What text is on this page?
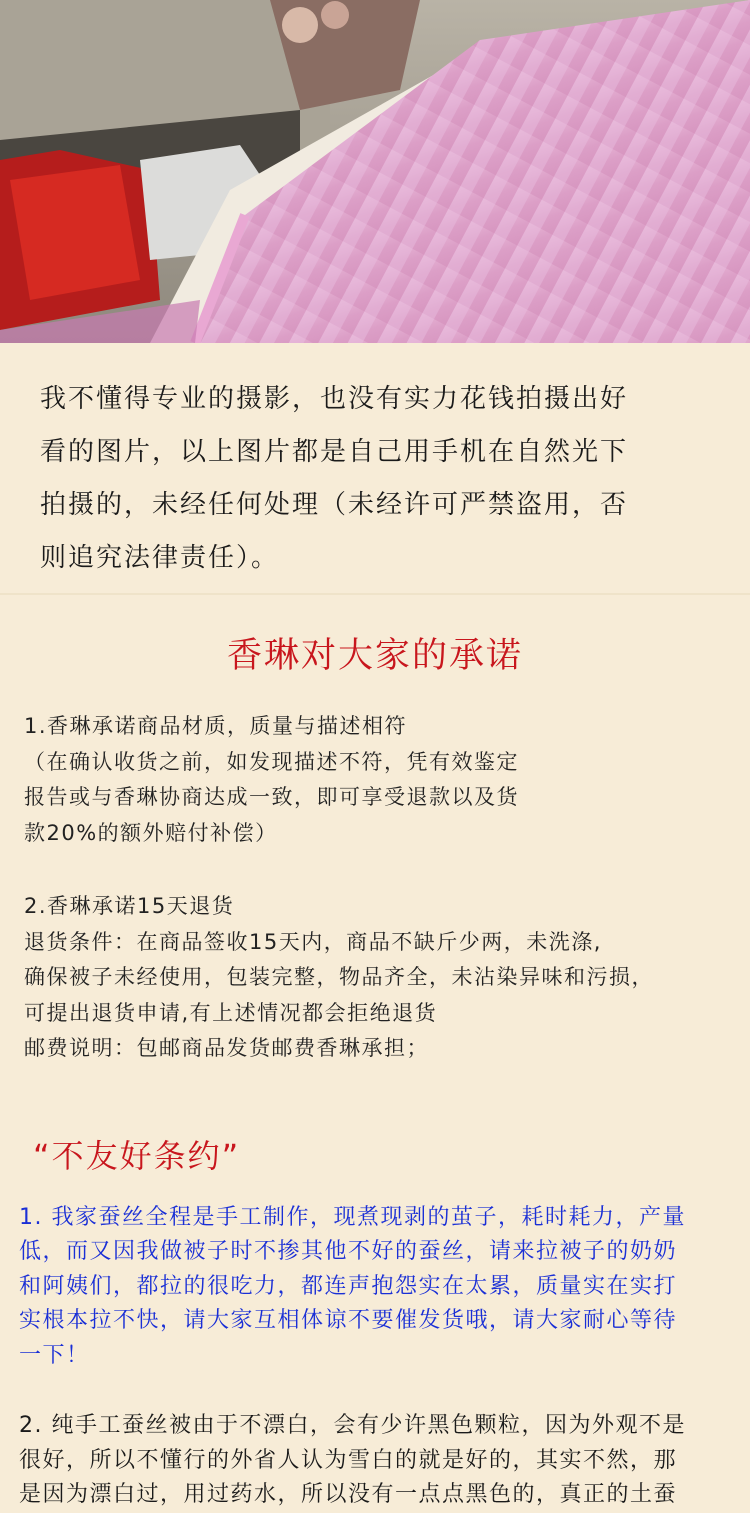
我不懂得专业的摄影，也没有实力花钱拍摄出好
看的图片，以上图片都是自己用手机在自然光下
拍摄的，未经任何处理（未经许可严禁盗用，否
则追究法律责任）。
香琳对大家的承诺
1.香琳承诺商品材质，质量与描述相符
（在确认收货之前，如发现描述不符，凭有效鉴定
报告或与香琳协商达成一致，即可享受退款以及货
款20%的额外赔付补偿）
2.香琳承诺15天退货
退货条件：在商品签收15天内，商品不缺斤少两，未洗涤,
确保被子未经使用，包装完整，物品齐全，未沾染异味和污损，
可提出退货申请,有上述情况都会拒绝退货
邮费说明：包邮商品发货邮费香琳承担；
“不友好条约”
1. 我家蚕丝全程是手工制作，现煮现剥的茧子，耗时耗力，产量
低，而又因我做被子时不掺其他不好的蚕丝，请来拉被子的奶奶
和阿姨们，都拉的很吃力，都连声抱怨实在太累，质量实在实打
实根本拉不快，请大家互相体谅不要催发货哦，请大家耐心等待
一下！
2. 纯手工蚕丝被由于不漂白，会有少许黑色颗粒，因为外观不是
很好，所以不懂行的外省人认为雪白的就是好的，其实不然，那
是因为漂白过，用过药水，所以没有一点点黑色的，真正的土蚕
